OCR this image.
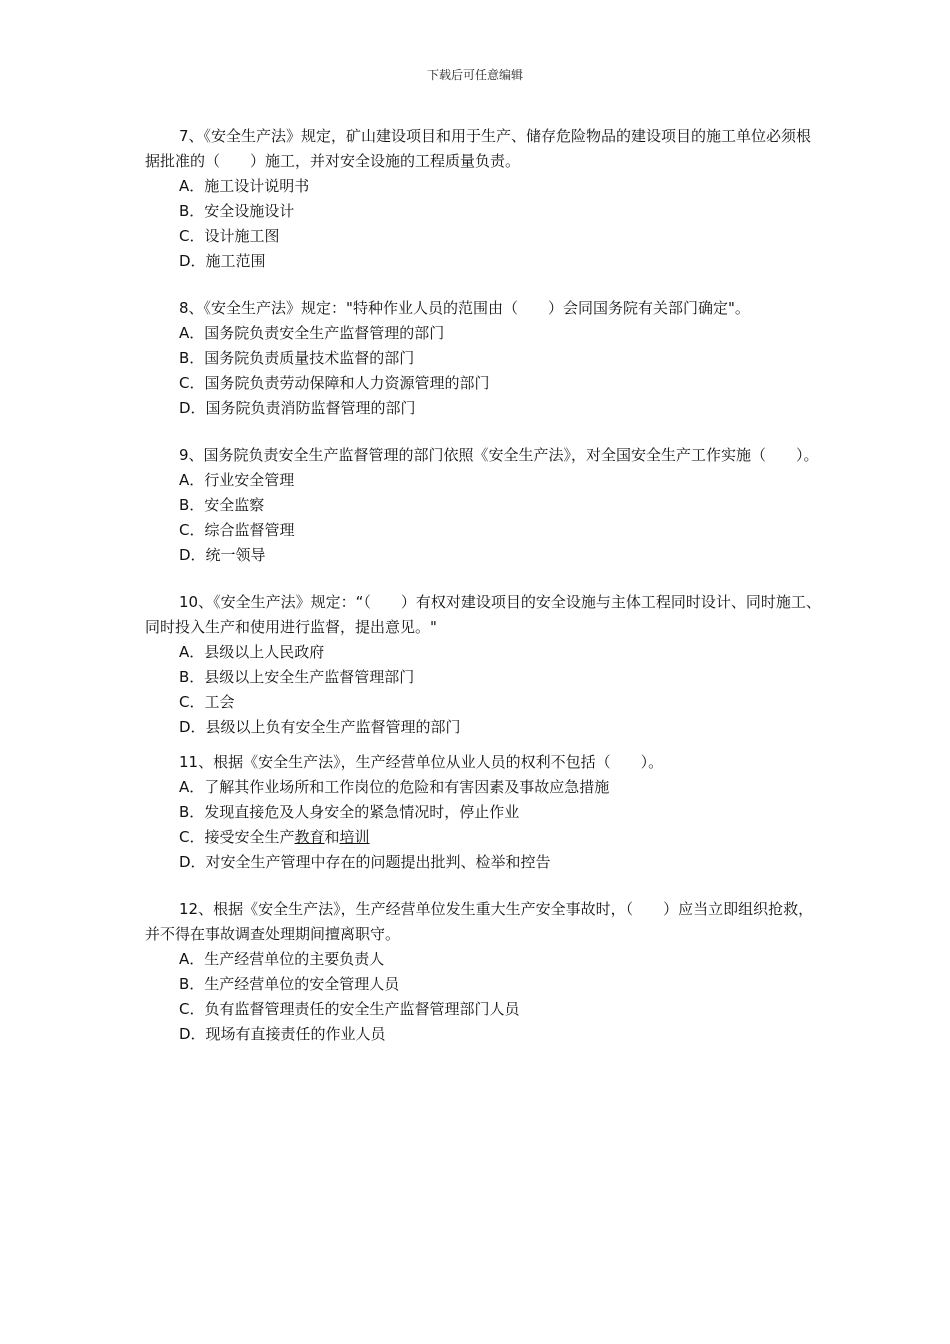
下载后可任意编辑

7、《安全生产法》规定，矿山建设项目和用于生产、储存危险物品的建设项目的施工单位必须根据批准的（　　）施工，并对安全设施的工程质量负责。

A．施工设计说明书

B．安全设施设计

C．设计施工图

D．施工范围

8、《安全生产法》规定："特种作业人员的范围由（　　）会同国务院有关部门确定"。

A．国务院负责安全生产监督管理的部门

B．国务院负责质量技术监督的部门

C．国务院负责劳动保障和人力资源管理的部门

D．国务院负责消防监督管理的部门

9、国务院负责安全生产监督管理的部门依照《安全生产法》，对全国安全生产工作实施（　　）。

A．行业安全管理

B．安全监察

C．综合监督管理

D．统一领导

10、《安全生产法》规定：“（　　）有权对建设项目的安全设施与主体工程同时设计、同时施工、同时投入生产和使用进行监督，提出意见。"

A．县级以上人民政府

B．县级以上安全生产监督管理部门

C．工会

D．县级以上负有安全生产监督管理的部门

11、根据《安全生产法》，生产经营单位从业人员的权利不包括（　　）。

A．了解其作业场所和工作岗位的危险和有害因素及事故应急措施

B．发现直接危及人身安全的紧急情况时，停止作业

C．接受安全生产教育和培训

D．对安全生产管理中存在的问题提出批判、检举和控告

12、根据《安全生产法》，生产经营单位发生重大生产安全事故时，（　　）应当立即组织抢救，并不得在事故调查处理期间擅离职守。

A．生产经营单位的主要负责人

B．生产经营单位的安全管理人员

C．负有监督管理责任的安全生产监督管理部门人员

D．现场有直接责任的作业人员
